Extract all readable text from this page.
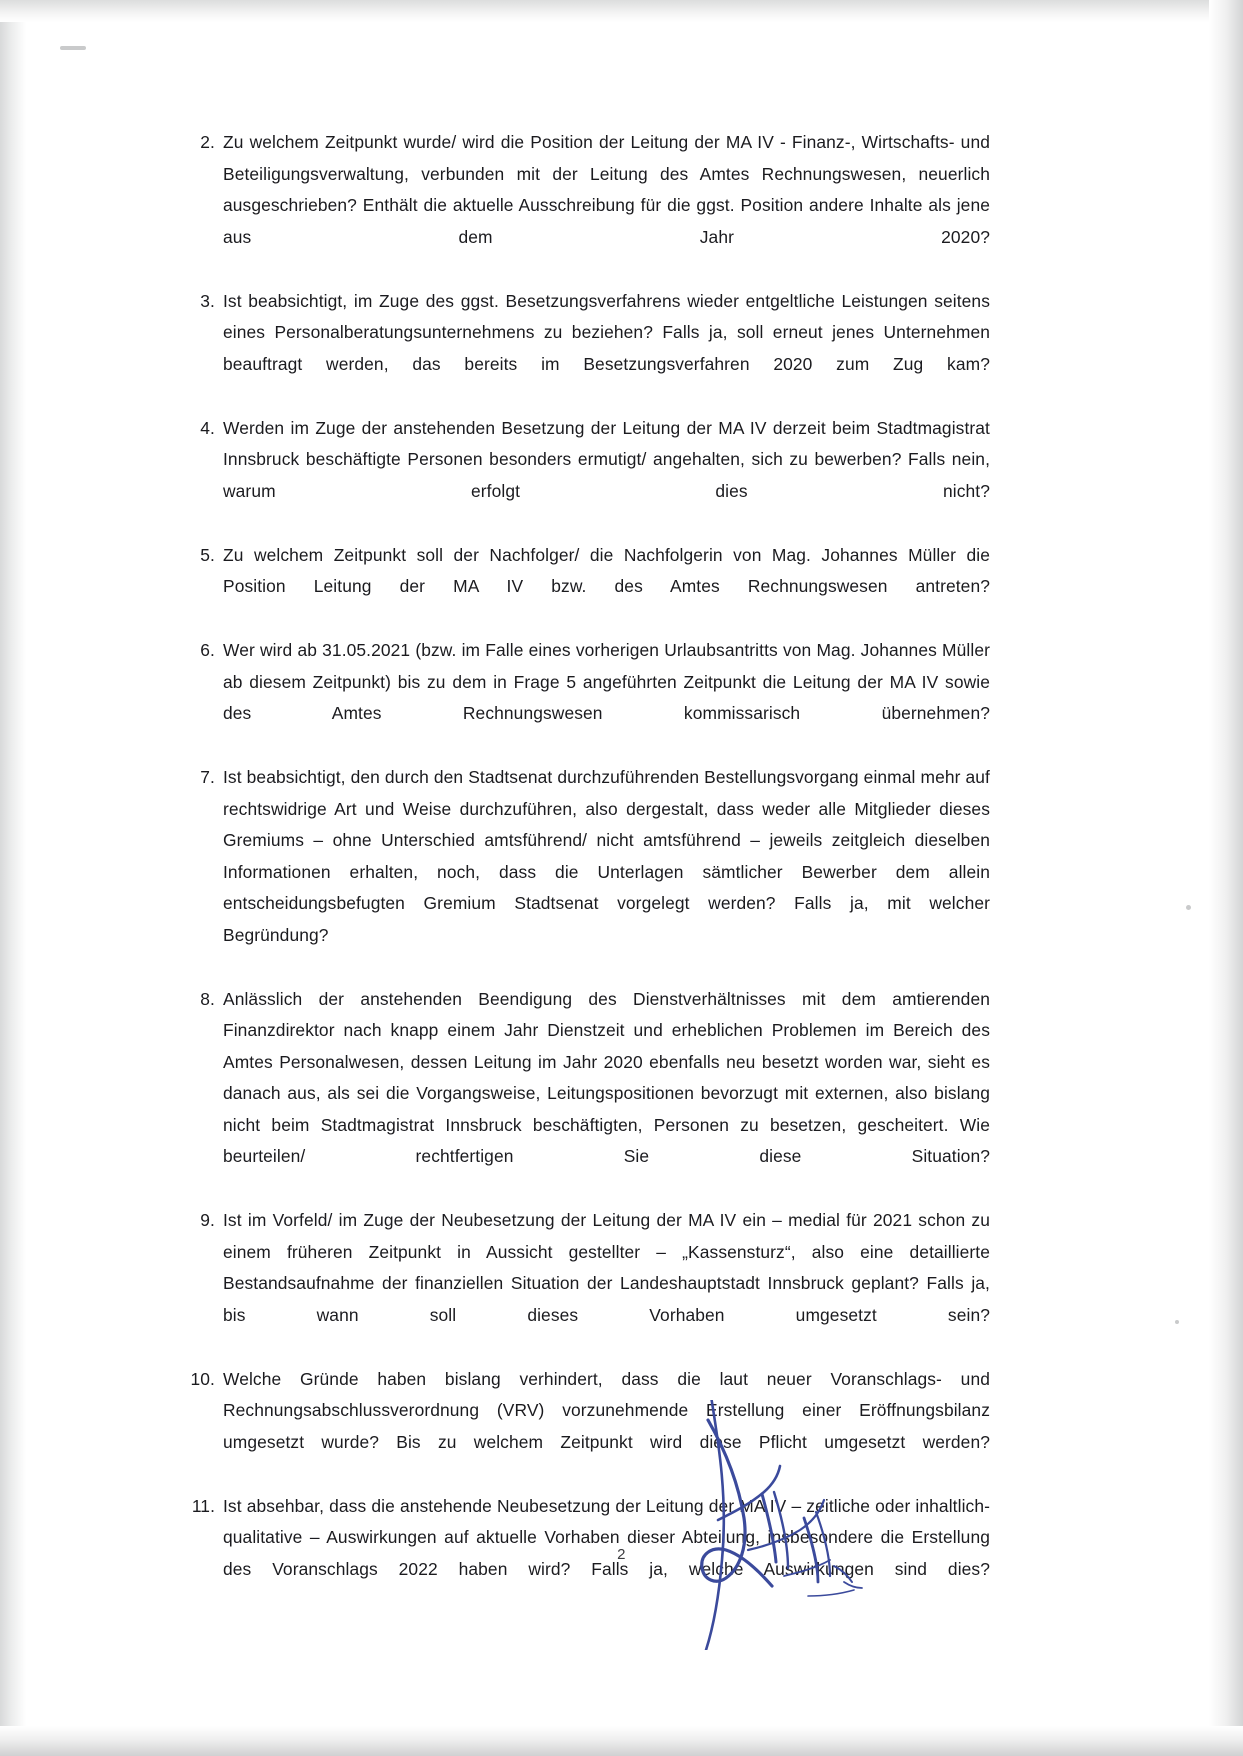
2. Zu welchem Zeitpunkt wurde/ wird die Position der Leitung der MA IV - Finanz-, Wirtschafts- und Beteiligungsverwaltung, verbunden mit der Leitung des Amtes Rechnungswesen, neuerlich ausgeschrieben? Enthält die aktuelle Ausschreibung für die ggst. Position andere Inhalte als jene aus dem Jahr 2020?
3. Ist beabsichtigt, im Zuge des ggst. Besetzungsverfahrens wieder entgeltliche Leistungen seitens eines Personalberatungsunternehmens zu beziehen? Falls ja, soll erneut jenes Unternehmen beauftragt werden, das bereits im Besetzungsverfahren 2020 zum Zug kam?
4. Werden im Zuge der anstehenden Besetzung der Leitung der MA IV derzeit beim Stadtmagistrat Innsbruck beschäftigte Personen besonders ermutigt/ angehalten, sich zu bewerben? Falls nein, warum erfolgt dies nicht?
5. Zu welchem Zeitpunkt soll der Nachfolger/ die Nachfolgerin von Mag. Johannes Müller die Position Leitung der MA IV bzw. des Amtes Rechnungswesen antreten?
6. Wer wird ab 31.05.2021 (bzw. im Falle eines vorherigen Urlaubsantritts von Mag. Johannes Müller ab diesem Zeitpunkt) bis zu dem in Frage 5 angeführten Zeitpunkt die Leitung der MA IV sowie des Amtes Rechnungswesen kommissarisch übernehmen?
7. Ist beabsichtigt, den durch den Stadtsenat durchzuführenden Bestellungsvorgang einmal mehr auf rechtswidrige Art und Weise durchzuführen, also dergestalt, dass weder alle Mitglieder dieses Gremiums – ohne Unterschied amtsführend/ nicht amtsführend – jeweils zeitgleich dieselben Informationen erhalten, noch, dass die Unterlagen sämtlicher Bewerber dem allein entscheidungsbefugten Gremium Stadtsenat vorgelegt werden? Falls ja, mit welcher Begründung?
8. Anlässlich der anstehenden Beendigung des Dienstverhältnisses mit dem amtierenden Finanzdirektor nach knapp einem Jahr Dienstzeit und erheblichen Problemen im Bereich des Amtes Personalwesen, dessen Leitung im Jahr 2020 ebenfalls neu besetzt worden war, sieht es danach aus, als sei die Vorgangsweise, Leitungspositionen bevorzugt mit externen, also bislang nicht beim Stadtmagistrat Innsbruck beschäftigten, Personen zu besetzen, gescheitert. Wie beurteilen/ rechtfertigen Sie diese Situation?
9. Ist im Vorfeld/ im Zuge der Neubesetzung der Leitung der MA IV ein – medial für 2021 schon zu einem früheren Zeitpunkt in Aussicht gestellter – „Kassensturz“, also eine detaillierte Bestandsaufnahme der finanziellen Situation der Landeshauptstadt Innsbruck geplant? Falls ja, bis wann soll dieses Vorhaben umgesetzt sein?
10. Welche Gründe haben bislang verhindert, dass die laut neuer Voranschlags- und Rechnungsabschlussverordnung (VRV) vorzunehmende Erstellung einer Eröffnungsbilanz umgesetzt wurde? Bis zu welchem Zeitpunkt wird diese Pflicht umgesetzt werden?
11. Ist absehbar, dass die anstehende Neubesetzung der Leitung der MA IV – zeitliche oder inhaltlich-qualitative – Auswirkungen auf aktuelle Vorhaben dieser Abteilung, insbesondere die Erstellung des Voranschlags 2022 haben wird? Falls ja, welche Auswirkungen sind dies?
2
